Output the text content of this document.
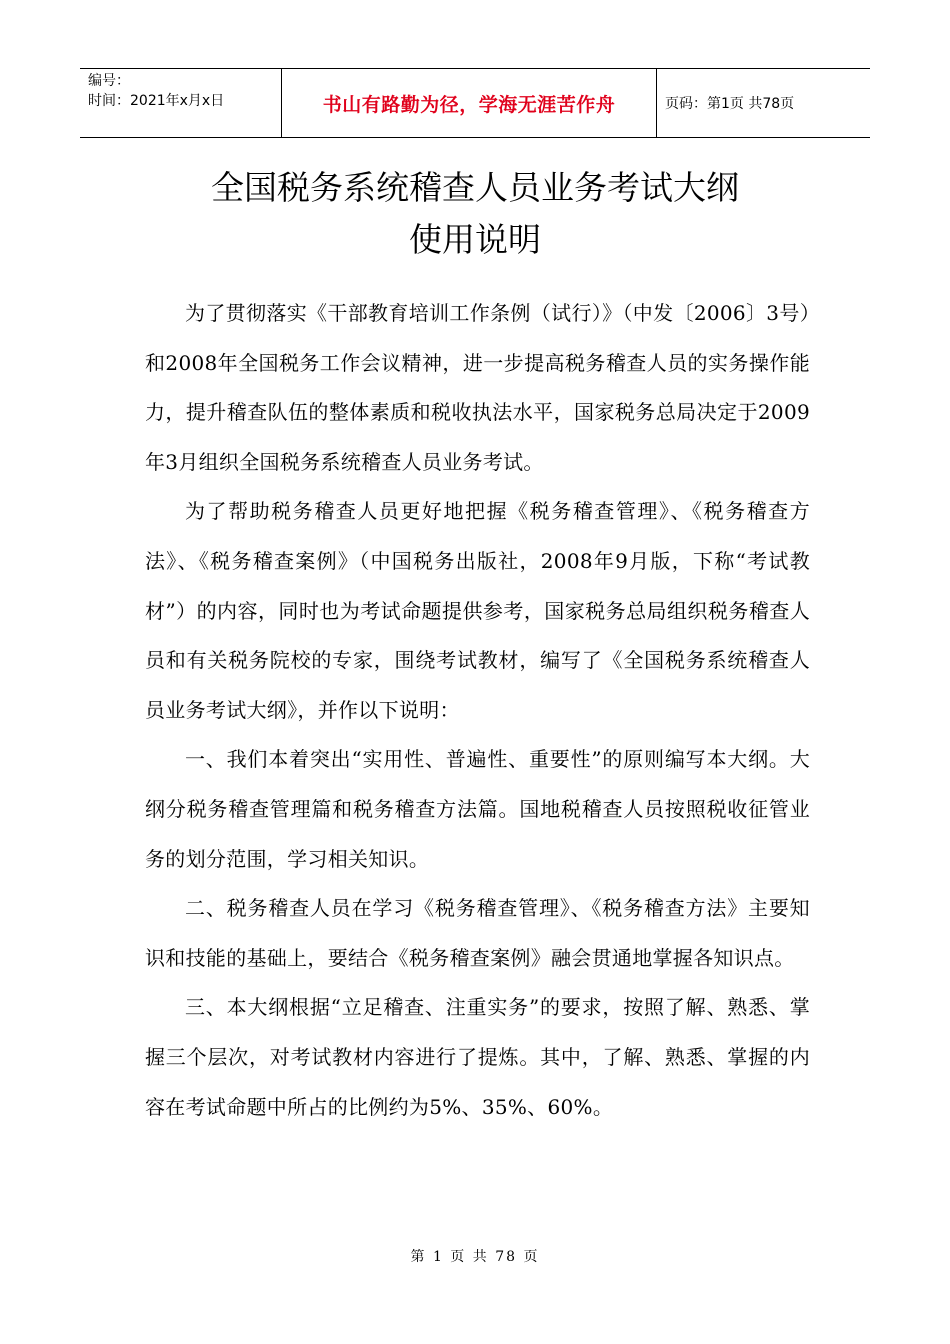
编号：
时间：2021年x月x日	书山有路勤为径，学海无涯苦作舟	页码：第1页 共78页
全国税务系统稽查人员业务考试大纲
使用说明

为了贯彻落实《干部教育培训工作条例（试行）》（中发〔2006〕3号）和2008年全国税务工作会议精神，进一步提高税务稽查人员的实务操作能力，提升稽查队伍的整体素质和税收执法水平，国家税务总局决定于2009年3月组织全国税务系统稽查人员业务考试。

为了帮助税务稽查人员更好地把握《税务稽查管理》、《税务稽查方法》、《税务稽查案例》（中国税务出版社，2008年9月版，下称“考试教材”）的内容，同时也为考试命题提供参考，国家税务总局组织税务稽查人员和有关税务院校的专家，围绕考试教材，编写了《全国税务系统稽查人员业务考试大纲》，并作以下说明：

一、我们本着突出“实用性、普遍性、重要性”的原则编写本大纲。大纲分税务稽查管理篇和税务稽查方法篇。国地税稽查人员按照税收征管业务的划分范围，学习相关知识。

二、税务稽查人员在学习《税务稽查管理》、《税务稽查方法》主要知识和技能的基础上，要结合《税务稽查案例》融会贯通地掌握各知识点。

三、本大纲根据“立足稽查、注重实务”的要求，按照了解、熟悉、掌握三个层次，对考试教材内容进行了提炼。其中，了解、熟悉、掌握的内容在考试命题中所占的比例约为5%、35%、60%。

第 1 页 共 78 页
